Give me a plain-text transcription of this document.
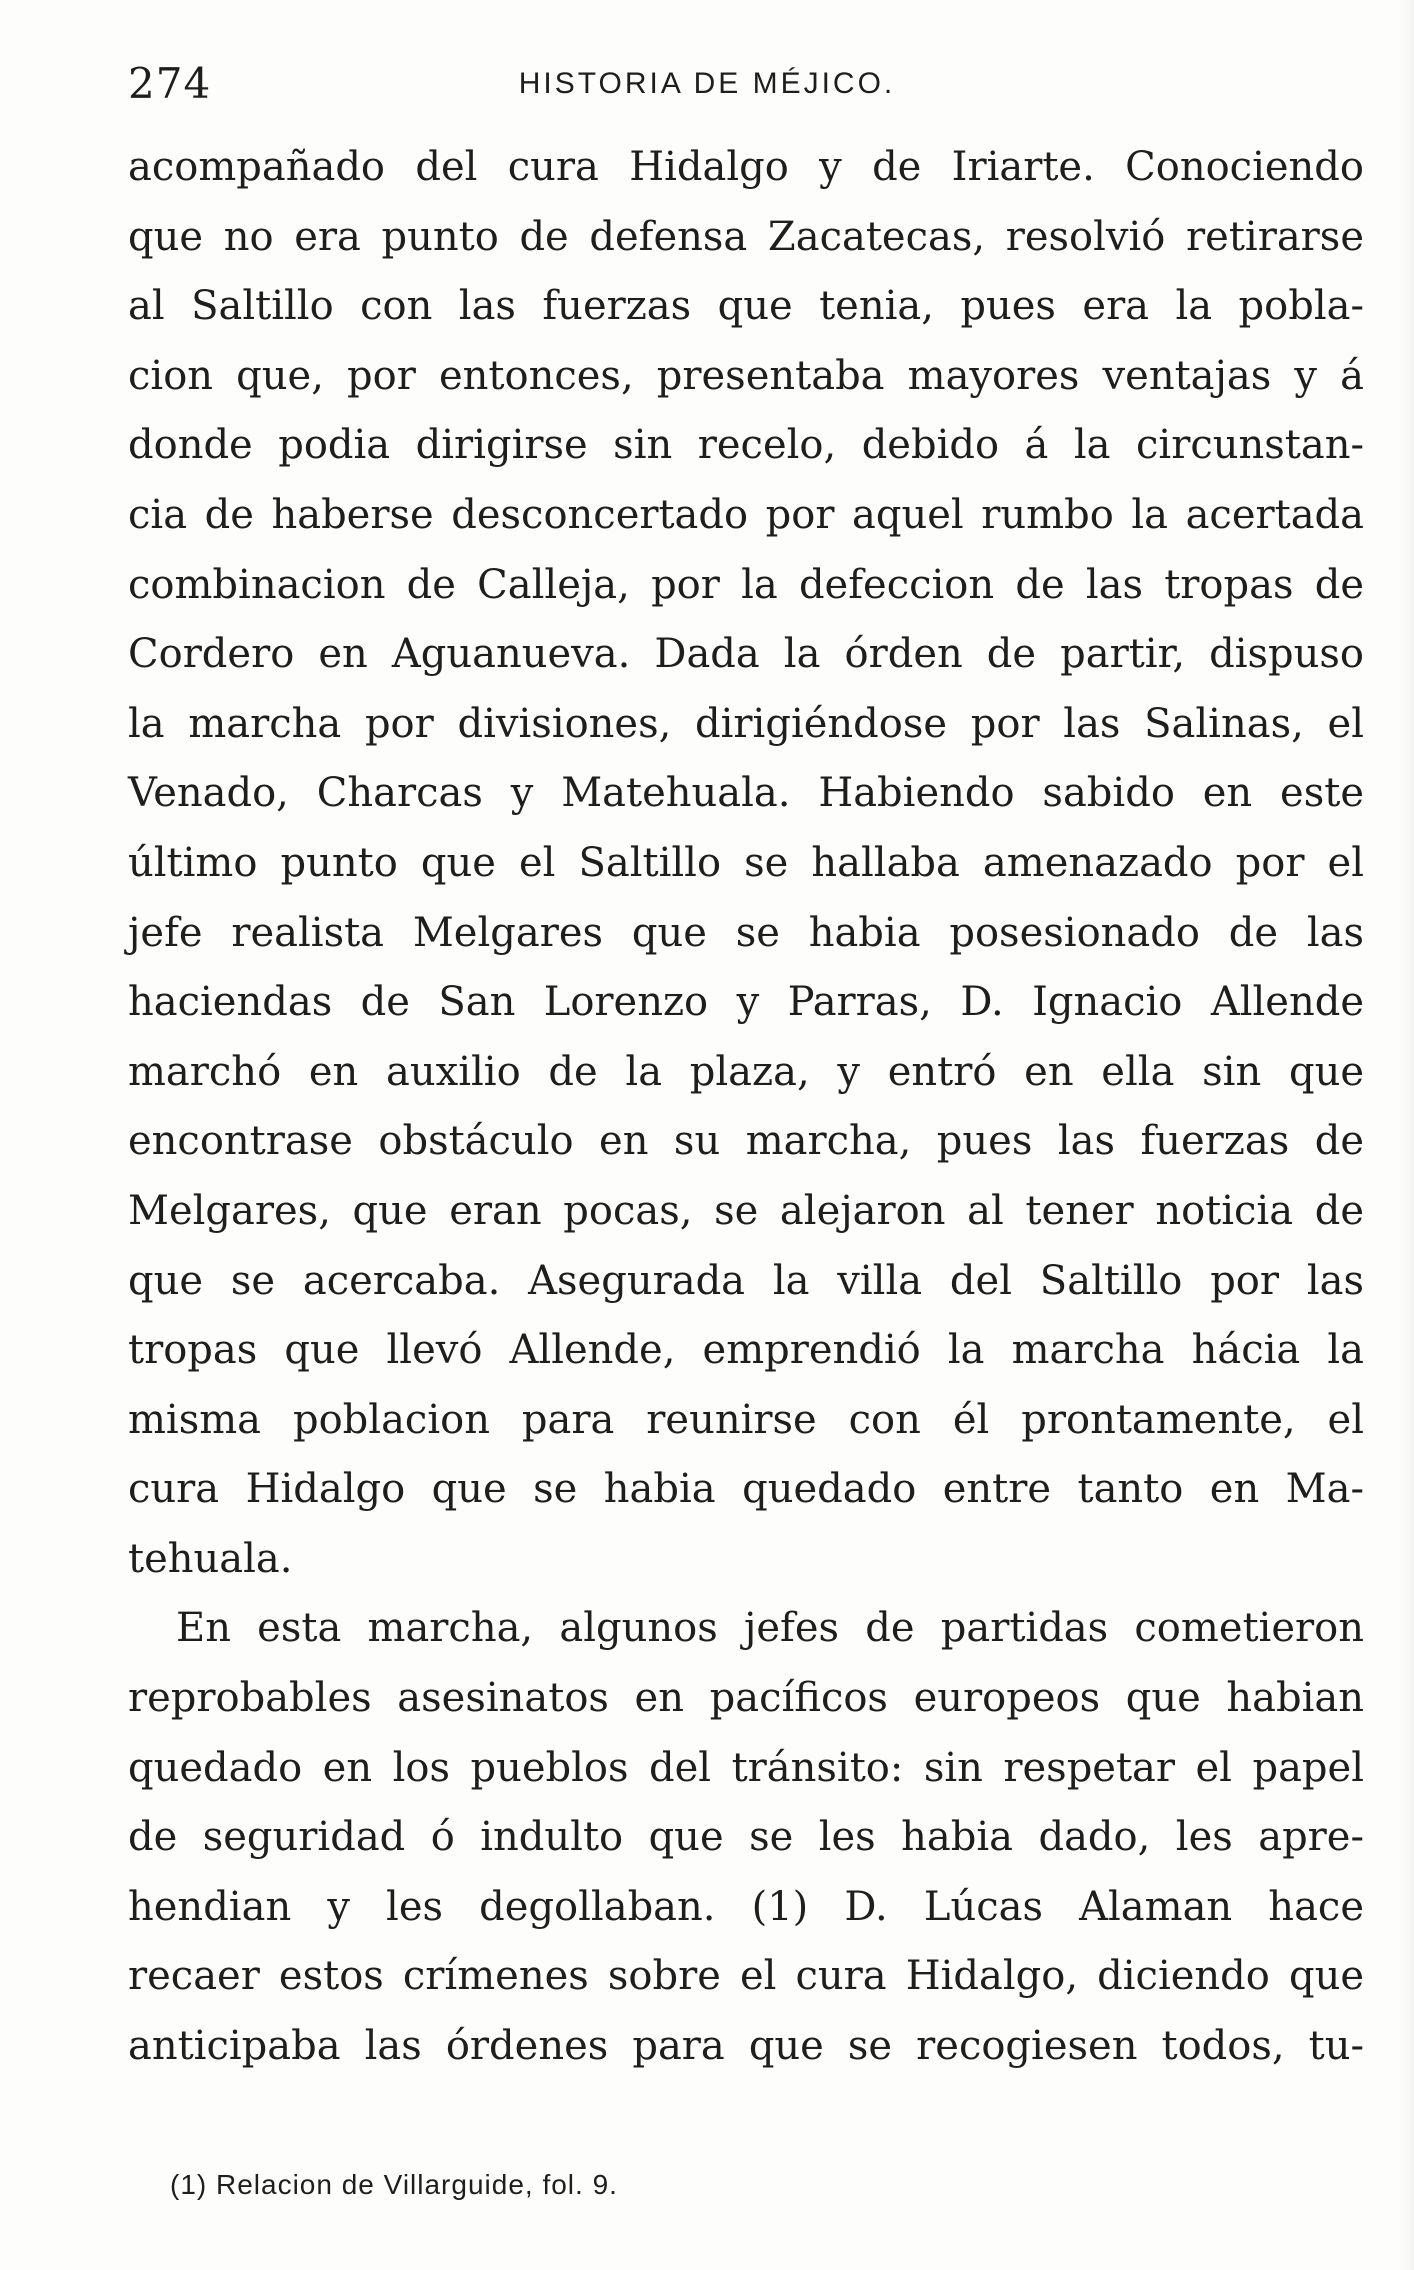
274	HISTORIA DE MÉJICO.
acompañado del cura Hidalgo y de Iriarte. Conociendo
que no era punto de defensa Zacatecas, resolvió retirarse
al Saltillo con las fuerzas que tenia, pues era la pobla-
cion que, por entonces, presentaba mayores ventajas y á
donde podia dirigirse sin recelo, debido á la circunstan-
cia de haberse desconcertado por aquel rumbo la acertada
combinacion de Calleja, por la defeccion de las tropas de
Cordero en Aguanueva. Dada la órden de partir, dispuso
la marcha por divisiones, dirigiéndose por las Salinas, el
Venado, Charcas y Matehuala. Habiendo sabido en este
último punto que el Saltillo se hallaba amenazado por el
jefe realista Melgares que se habia posesionado de las
haciendas de San Lorenzo y Parras, D. Ignacio Allende
marchó en auxilio de la plaza, y entró en ella sin que
encontrase obstáculo en su marcha, pues las fuerzas de
Melgares, que eran pocas, se alejaron al tener noticia de
que se acercaba. Asegurada la villa del Saltillo por las
tropas que llevó Allende, emprendió la marcha hácia la
misma poblacion para reunirse con él prontamente, el
cura Hidalgo que se habia quedado entre tanto en Ma-
tehuala.
En esta marcha, algunos jefes de partidas cometieron
reprobables asesinatos en pacíficos europeos que habian
quedado en los pueblos del tránsito: sin respetar el papel
de seguridad ó indulto que se les habia dado, les apre-
hendian y les degollaban. (1) D. Lúcas Alaman hace
recaer estos crímenes sobre el cura Hidalgo, diciendo que
anticipaba las órdenes para que se recogiesen todos, tu-
(1) Relacion de Villarguide, fol. 9.
